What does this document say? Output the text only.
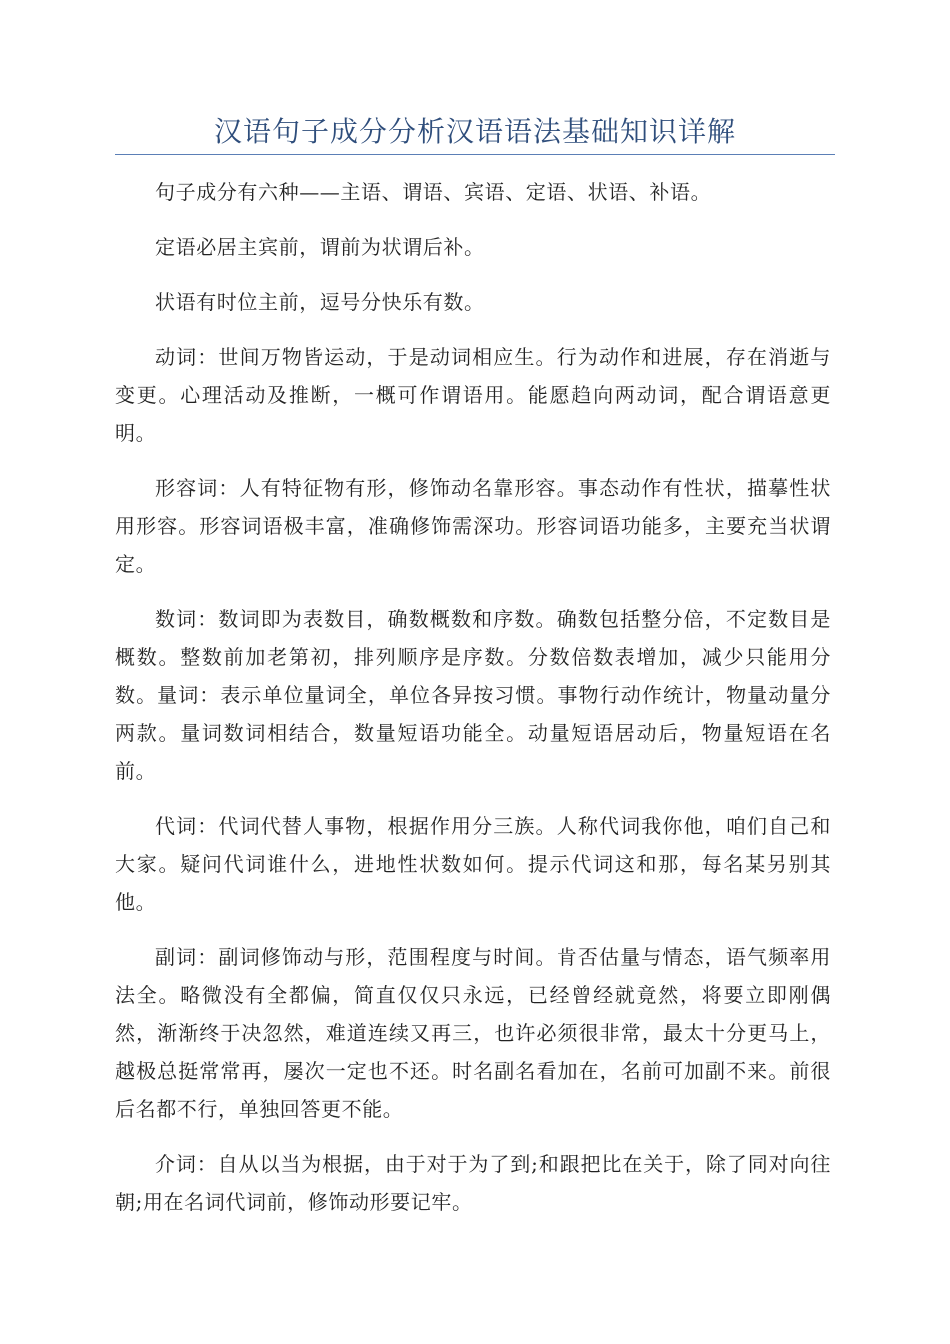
汉语句子成分分析汉语语法基础知识详解

句子成分有六种——主语、谓语、宾语、定语、状语、补语。

定语必居主宾前，谓前为状谓后补。

状语有时位主前，逗号分快乐有数。

动词：世间万物皆运动，于是动词相应生。行为动作和进展，存在消逝与变更。心理活动及推断，一概可作谓语用。能愿趋向两动词，配合谓语意更明。

形容词：人有特征物有形，修饰动名靠形容。事态动作有性状，描摹性状用形容。形容词语极丰富，准确修饰需深功。形容词语功能多，主要充当状谓定。

数词：数词即为表数目，确数概数和序数。确数包括整分倍，不定数目是概数。整数前加老第初，排列顺序是序数。分数倍数表增加，减少只能用分数。量词：表示单位量词全，单位各异按习惯。事物行动作统计，物量动量分两款。量词数词相结合，数量短语功能全。动量短语居动后，物量短语在名前。

代词：代词代替人事物，根据作用分三族。人称代词我你他，咱们自己和大家。疑问代词谁什么，进地性状数如何。提示代词这和那，每名某另别其他。

副词：副词修饰动与形，范围程度与时间。肯否估量与情态，语气频率用法全。略微没有全都偏，简直仅仅只永远，已经曾经就竟然，将要立即刚偶然，渐渐终于决忽然，难道连续又再三，也许必须很非常，最太十分更马上，越极总挺常常再，屡次一定也不还。时名副名看加在，名前可加副不来。前很后名都不行，单独回答更不能。

介词：自从以当为根据，由于对于为了到;和跟把比在关于，除了同对向往朝;用在名词代词前，修饰动形要记牢。
